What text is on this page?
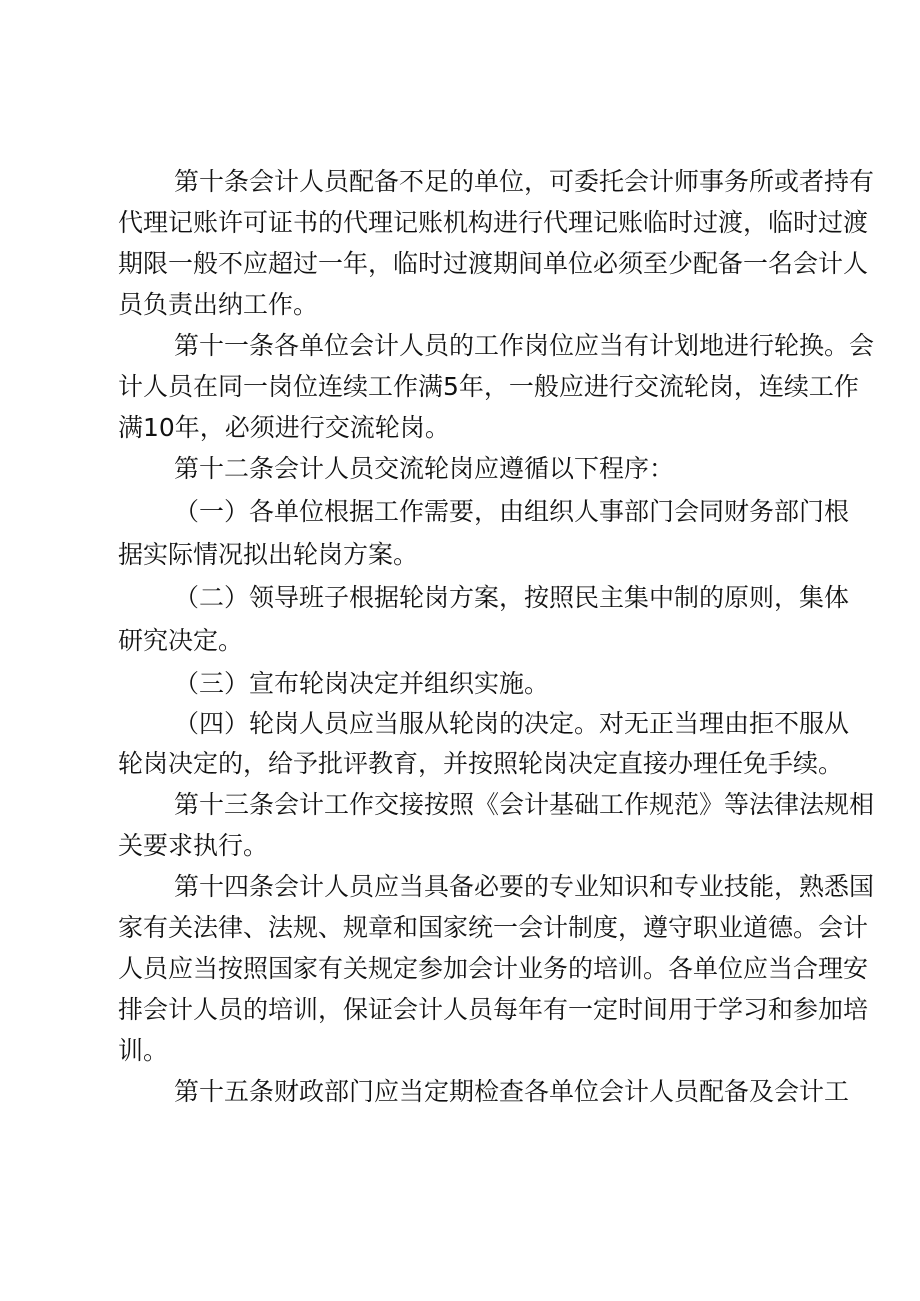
第十条会计人员配备不足的单位，可委托会计师事务所或者持有
代理记账许可证书的代理记账机构进行代理记账临时过渡，临时过渡
期限一般不应超过一年，临时过渡期间单位必须至少配备一名会计人
员负责出纳工作。
第十一条各单位会计人员的工作岗位应当有计划地进行轮换。会
计人员在同一岗位连续工作满5年，一般应进行交流轮岗，连续工作
满10年，必须进行交流轮岗。
第十二条会计人员交流轮岗应遵循以下程序：
（一）各单位根据工作需要，由组织人事部门会同财务部门根
据实际情况拟出轮岗方案。
（二）领导班子根据轮岗方案，按照民主集中制的原则，集体
研究决定。
（三）宣布轮岗决定并组织实施。
（四）轮岗人员应当服从轮岗的决定。对无正当理由拒不服从
轮岗决定的，给予批评教育，并按照轮岗决定直接办理任免手续。
第十三条会计工作交接按照《会计基础工作规范》等法律法规相
关要求执行。
第十四条会计人员应当具备必要的专业知识和专业技能，熟悉国
家有关法律、法规、规章和国家统一会计制度，遵守职业道德。会计
人员应当按照国家有关规定参加会计业务的培训。各单位应当合理安
排会计人员的培训，保证会计人员每年有一定时间用于学习和参加培
训。
第十五条财政部门应当定期检查各单位会计人员配备及会计工
